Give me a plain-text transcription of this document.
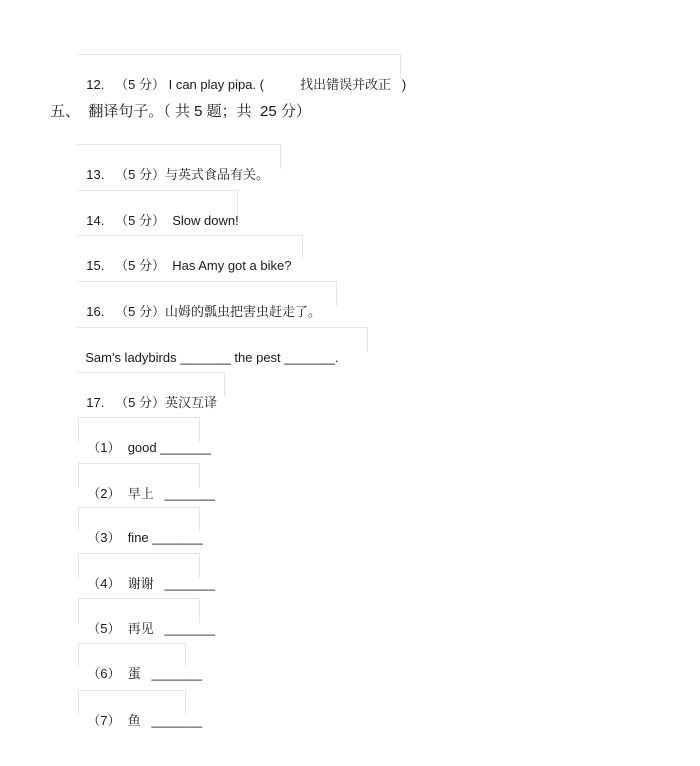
12.   （5 分） I can play pipa. (          找出错误并改正   )

五、  翻译句子。（ 共 5 题；共  25 分）

13.   （5 分）与英式食品有关。

14.   （5 分）  Slow down!

15.   （5 分）  Has Amy got a bike?

16.   （5 分）山姆的瓢虫把害虫赶走了。

Sam's ladybirds _______ the pest _______.

17.   （5 分）英汉互译

（1）  good _______

（2）  早上   _______

（3）  fine _______

（4）  谢谢   _______

（5）  再见   _______

（6）  蛋   _______

（7）  鱼   _______
